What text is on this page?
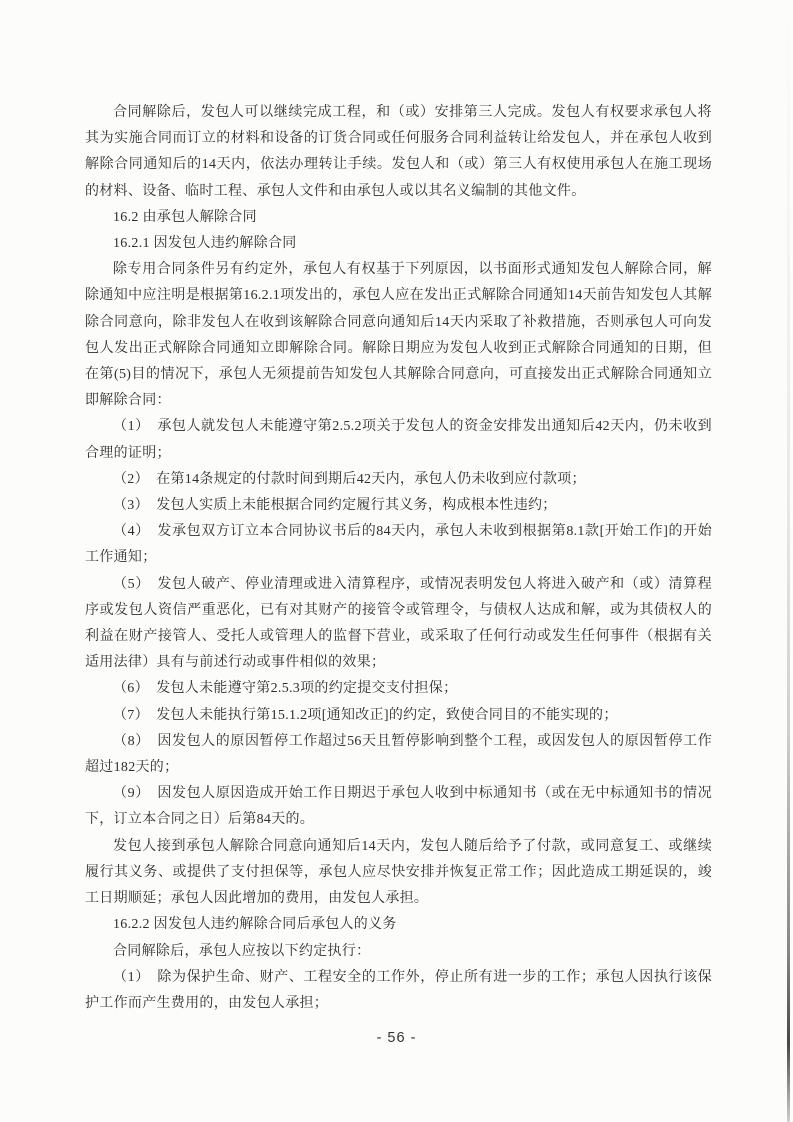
合同解除后，发包人可以继续完成工程，和（或）安排第三人完成。发包人有权要求承包人将其为实施合同而订立的材料和设备的订货合同或任何服务合同利益转让给发包人，并在承包人收到解除合同通知后的14天内，依法办理转让手续。发包人和（或）第三人有权使用承包人在施工现场的材料、设备、临时工程、承包人文件和由承包人或以其名义编制的其他文件。

16.2 由承包人解除合同

16.2.1 因发包人违约解除合同

除专用合同条件另有约定外，承包人有权基于下列原因，以书面形式通知发包人解除合同，解除通知中应注明是根据第16.2.1项发出的，承包人应在发出正式解除合同通知14天前告知发包人其解除合同意向，除非发包人在收到该解除合同意向通知后14天内采取了补救措施，否则承包人可向发包人发出正式解除合同通知立即解除合同。解除日期应为发包人收到正式解除合同通知的日期，但在第(5)目的情况下，承包人无须提前告知发包人其解除合同意向，可直接发出正式解除合同通知立即解除合同：

（1）　承包人就发包人未能遵守第2.5.2项关于发包人的资金安排发出通知后42天内，仍未收到合理的证明；

（2）　在第14条规定的付款时间到期后42天内，承包人仍未收到应付款项；

（3）　发包人实质上未能根据合同约定履行其义务，构成根本性违约；

（4）　发承包双方订立本合同协议书后的84天内，承包人未收到根据第8.1款[开始工作]的开始工作通知；

（5）　发包人破产、停业清理或进入清算程序，或情况表明发包人将进入破产和（或）清算程序或发包人资信严重恶化，已有对其财产的接管令或管理令，与债权人达成和解，或为其债权人的利益在财产接管人、受托人或管理人的监督下营业，或采取了任何行动或发生任何事件（根据有关适用法律）具有与前述行动或事件相似的效果；

（6）　发包人未能遵守第2.5.3项的约定提交支付担保；

（7）　发包人未能执行第15.1.2项[通知改正]的约定，致使合同目的不能实现的；

（8）　因发包人的原因暂停工作超过56天且暂停影响到整个工程，或因发包人的原因暂停工作超过182天的；

（9）　因发包人原因造成开始工作日期迟于承包人收到中标通知书（或在无中标通知书的情况下，订立本合同之日）后第84天的。

发包人接到承包人解除合同意向通知后14天内，发包人随后给予了付款，或同意复工、或继续履行其义务、或提供了支付担保等，承包人应尽快安排并恢复正常工作；因此造成工期延误的，竣工日期顺延；承包人因此增加的费用，由发包人承担。

16.2.2 因发包人违约解除合同后承包人的义务

合同解除后，承包人应按以下约定执行：

（1）　除为保护生命、财产、工程安全的工作外，停止所有进一步的工作；承包人因执行该保护工作而产生费用的，由发包人承担；

- 56 -
